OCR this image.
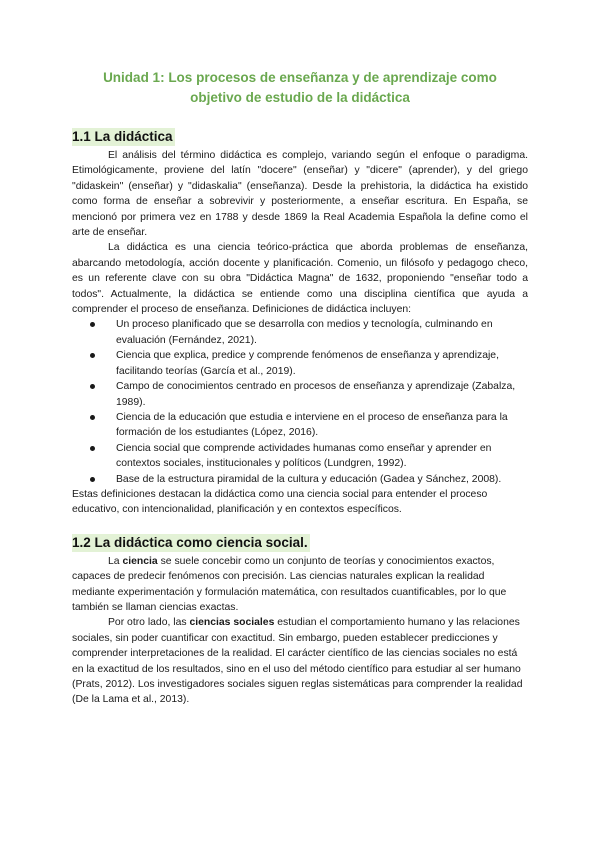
Unidad 1: Los procesos de enseñanza y de aprendizaje como objetivo de estudio de la didáctica
1.1 La didáctica

El análisis del término didáctica es complejo, variando según el enfoque o paradigma. Etimológicamente, proviene del latín "docere" (enseñar) y "dicere" (aprender), y del griego "didaskein" (enseñar) y "didaskalia" (enseñanza). Desde la prehistoria, la didáctica ha existido como forma de enseñar a sobrevivir y posteriormente, a enseñar escritura. En España, se mencionó por primera vez en 1788 y desde 1869 la Real Academia Española la define como el arte de enseñar.

La didáctica es una ciencia teórico-práctica que aborda problemas de enseñanza, abarcando metodología, acción docente y planificación. Comenio, un filósofo y pedagogo checo, es un referente clave con su obra "Didáctica Magna" de 1632, proponiendo "enseñar todo a todos". Actualmente, la didáctica se entiende como una disciplina científica que ayuda a comprender el proceso de enseñanza. Definiciones de didáctica incluyen:

Un proceso planificado que se desarrolla con medios y tecnología, culminando en evaluación (Fernández, 2021).
Ciencia que explica, predice y comprende fenómenos de enseñanza y aprendizaje, facilitando teorías (García et al., 2019).
Campo de conocimientos centrado en procesos de enseñanza y aprendizaje (Zabalza, 1989).
Ciencia de la educación que estudia e interviene en el proceso de enseñanza para la formación de los estudiantes (López, 2016).
Ciencia social que comprende actividades humanas como enseñar y aprender en contextos sociales, institucionales y políticos (Lundgren, 1992).
Base de la estructura piramidal de la cultura y educación (Gadea y Sánchez, 2008).

Estas definiciones destacan la didáctica como una ciencia social para entender el proceso educativo, con intencionalidad, planificación y en contextos específicos.

1.2 La didáctica como ciencia social.

La ciencia se suele concebir como un conjunto de teorías y conocimientos exactos, capaces de predecir fenómenos con precisión. Las ciencias naturales explican la realidad mediante experimentación y formulación matemática, con resultados cuantificables, por lo que también se llaman ciencias exactas.

Por otro lado, las ciencias sociales estudian el comportamiento humano y las relaciones sociales, sin poder cuantificar con exactitud. Sin embargo, pueden establecer predicciones y comprender interpretaciones de la realidad. El carácter científico de las ciencias sociales no está en la exactitud de los resultados, sino en el uso del método científico para estudiar al ser humano (Prats, 2012). Los investigadores sociales siguen reglas sistemáticas para comprender la realidad (De la Lama et al., 2013).
